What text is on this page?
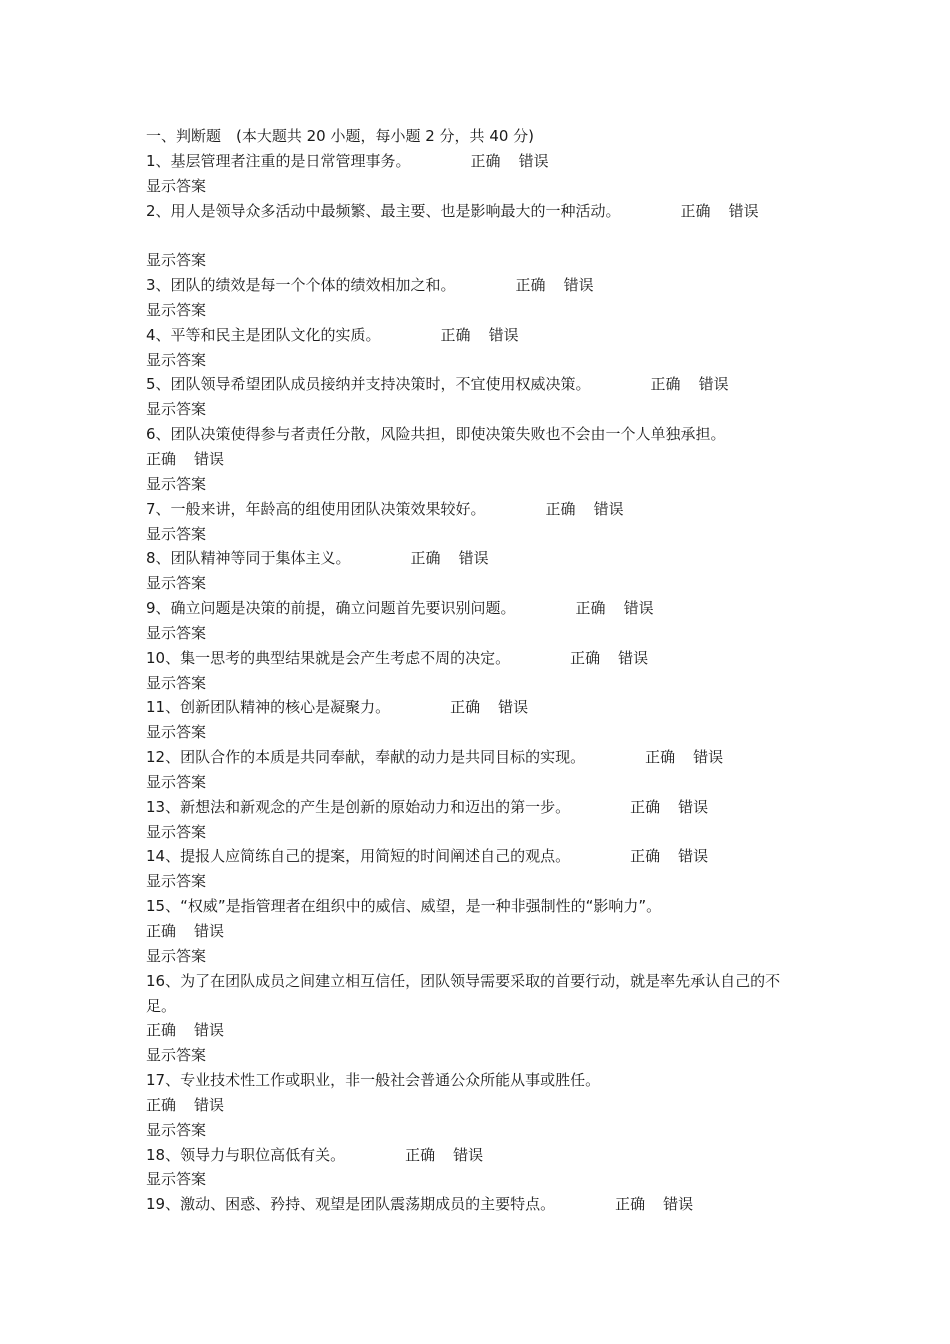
一、判断题　(本大题共 20 小题，每小题 2 分，共 40 分)
1、基层管理者注重的是日常管理事务。	正确 错误
显示答案
2、用人是领导众多活动中最频繁、最主要、也是影响最大的一种活动。	正确 错误
显示答案
3、团队的绩效是每一个个体的绩效相加之和。	正确 错误
显示答案
4、平等和民主是团队文化的实质。	正确 错误
显示答案
5、团队领导希望团队成员接纳并支持决策时，不宜使用权威决策。	正确 错误
显示答案
6、团队决策使得参与者责任分散，风险共担，即使决策失败也不会由一个人单独承担。
正确 错误
显示答案
7、一般来讲，年龄高的组使用团队决策效果较好。	正确 错误
显示答案
8、团队精神等同于集体主义。	正确 错误
显示答案
9、确立问题是决策的前提，确立问题首先要识别问题。	正确 错误
显示答案
10、集一思考的典型结果就是会产生考虑不周的决定。	正确 错误
显示答案
11、创新团队精神的核心是凝聚力。	正确 错误
显示答案
12、团队合作的本质是共同奉献，奉献的动力是共同目标的实现。	正确 错误
显示答案
13、新想法和新观念的产生是创新的原始动力和迈出的第一步。	正确 错误
显示答案
14、提报人应简练自己的提案，用简短的时间阐述自己的观点。	正确 错误
显示答案
15、“权威”是指管理者在组织中的威信、威望，是一种非强制性的“影响力”。
正确 错误
显示答案
16、为了在团队成员之间建立相互信任，团队领导需要采取的首要行动，就是率先承认自己的不足。
正确 错误
显示答案
17、专业技术性工作或职业，非一般社会普通公众所能从事或胜任。
正确 错误
显示答案
18、领导力与职位高低有关。	正确 错误
显示答案
19、激动、困惑、矜持、观望是团队震荡期成员的主要特点。	正确 错误
